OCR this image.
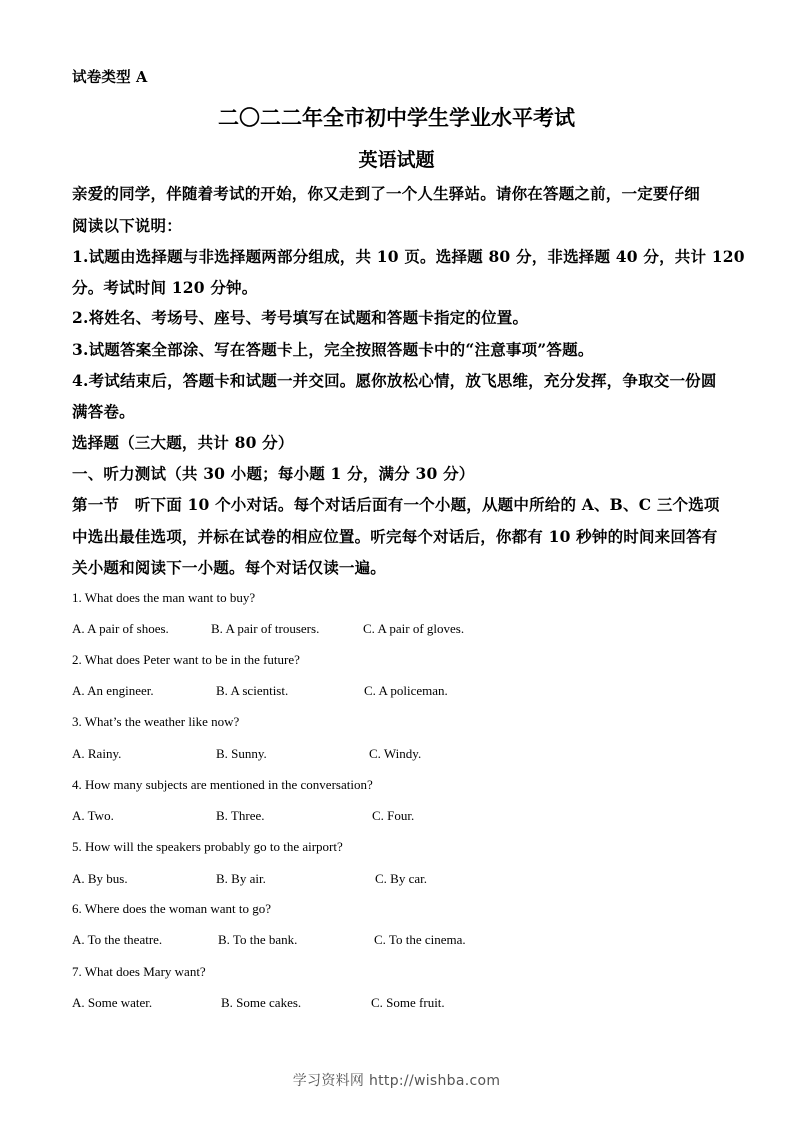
试卷类型 A
二〇二二年全市初中学生学业水平考试
英语试题
亲爱的同学，伴随着考试的开始，你又走到了一个人生驿站。请你在答题之前，一定要仔细
阅读以下说明：
1.试题由选择题与非选择题两部分组成，共 10 页。选择题 80 分，非选择题 40 分，共计 120
分。考试时间 120 分钟。
2.将姓名、考场号、座号、考号填写在试题和答题卡指定的位置。
3.试题答案全部涂、写在答题卡上，完全按照答题卡中的“注意事项”答题。
4.考试结束后，答题卡和试题一并交回。愿你放松心情，放飞思维，充分发挥，争取交一份圆
满答卷。
选择题（三大题，共计 80 分）
一、听力测试（共 30 小题；每小题 1 分，满分 30 分）
第一节　听下面 10 个小对话。每个对话后面有一个小题，从题中所给的 A、B、C 三个选项
中选出最佳选项，并标在试卷的相应位置。听完每个对话后，你都有 10 秒钟的时间来回答有
关小题和阅读下一小题。每个对话仅读一遍。
1. What does the man want to buy?
A. A pair of shoes.	B. A pair of trousers.	C. A pair of gloves.
2. What does Peter want to be in the future?
A. An engineer.	B. A scientist.	C. A policeman.
3. What’s the weather like now?
A. Rainy.	B. Sunny.	C. Windy.
4. How many subjects are mentioned in the conversation?
A. Two.	B. Three.	C. Four.
5. How will the speakers probably go to the airport?
A. By bus.	B. By air.	C. By car.
6. Where does the woman want to go?
A. To the theatre.	B. To the bank.	C. To the cinema.
7. What does Mary want?
A. Some water.	B. Some cakes.	C. Some fruit.
学习资料网 http://wishba.com
